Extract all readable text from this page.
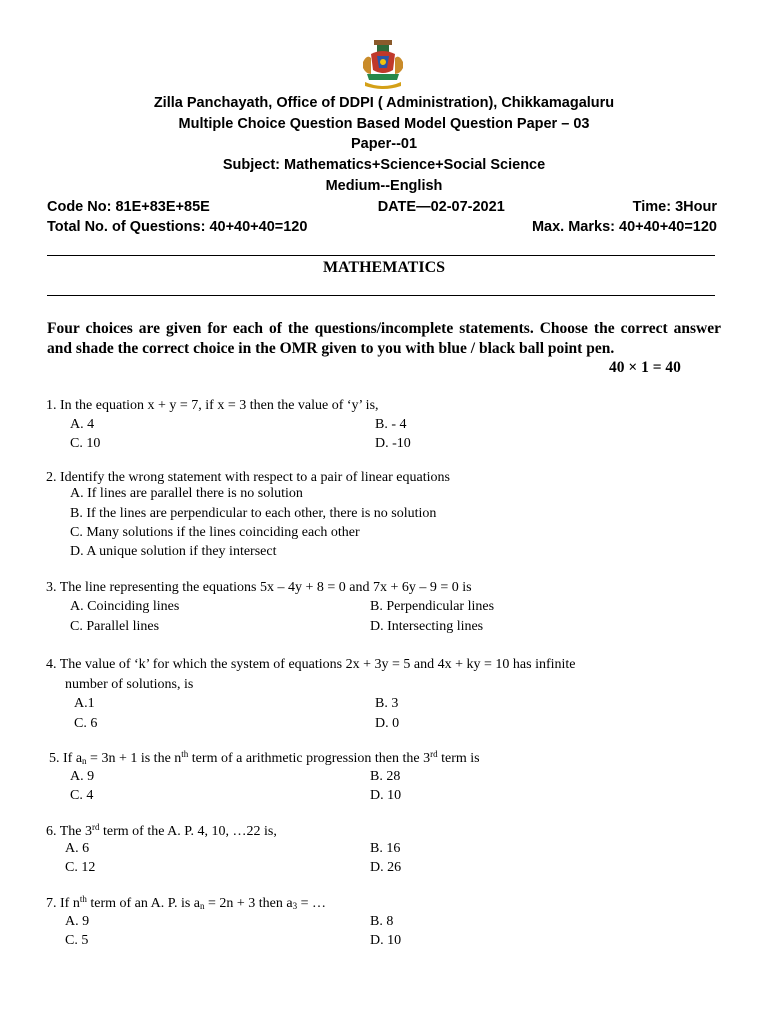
Zilla Panchayath, Office of DDPI ( Administration), Chikkamagaluru
Multiple Choice Question Based Model Question Paper – 03
Paper--01
Subject: Mathematics+Science+Social Science
Medium--English
Code No: 81E+83E+85E	DATE—02-07-2021	Time: 3Hour
Total No. of Questions: 40+40+40=120	Max. Marks: 40+40+40=120
MATHEMATICS
Four choices are given for each of the questions/incomplete statements. Choose the correct answer and shade the correct choice in the OMR given to you with blue / black ball point pen.
40 × 1 = 40
1. In the equation x + y = 7, if x = 3 then the value of ‘y’ is,
A. 4	B. - 4
C. 10	D. -10
2. Identify the wrong statement with respect to a pair of linear equations
A. If lines are parallel there is no solution
B. If the lines are perpendicular to each other, there is no solution
C. Many solutions if the lines coinciding each other
D. A unique solution if they intersect
3. The line representing the equations 5x – 4y + 8 = 0 and 7x + 6y – 9 = 0 is
A. Coinciding lines	B. Perpendicular lines
C. Parallel lines	D. Intersecting lines
4. The value of ‘k’ for which the system of equations 2x + 3y = 5 and 4x + ky = 10 has infinite
number of solutions, is
A.1	B. 3
C. 6	D. 0
5. If $a_n = 3n + 1$ is the $n^{th}$ term of a arithmetic progression then the 3rd term is
A. 9	B. 28
C. 4	D. 10
6. The 3rd term of the A. P. 4, 10, …22 is,
A. 6	B. 16
C. 12	D. 26
7. If $n^{th}$ term of an A. P. is $a_n = 2n + 3$ then $a_3$ = …
A. 9	B. 8
C. 5	D. 10
